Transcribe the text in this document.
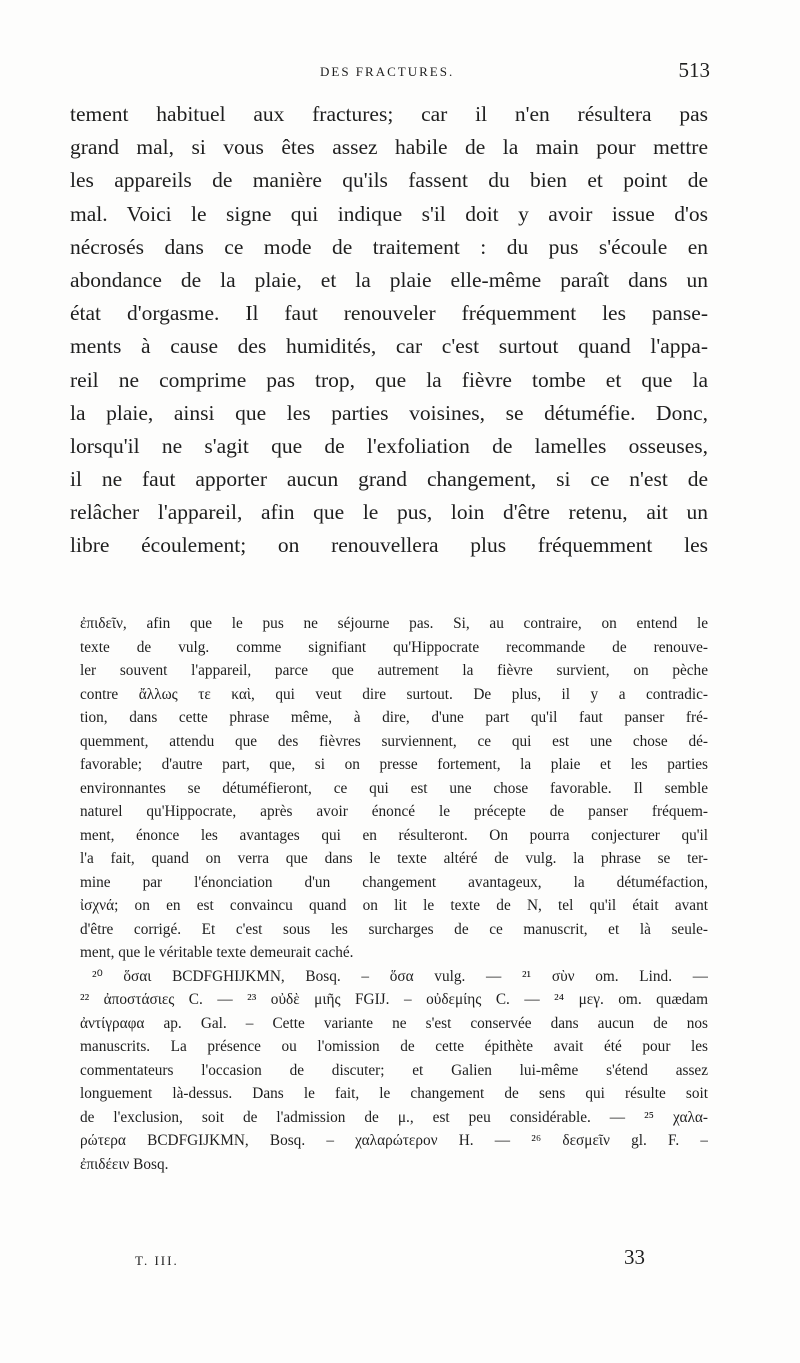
DES FRACTURES.	513
tement habituel aux fractures; car il n'en résultera pas
grand mal, si vous êtes assez habile de la main pour mettre
les appareils de manière qu'ils fassent du bien et point de
mal. Voici le signe qui indique s'il doit y avoir issue d'os
nécrosés dans ce mode de traitement : du pus s'écoule en
abondance de la plaie, et la plaie elle-même paraît dans un
état d'orgasme. Il faut renouveler fréquemment les panse-
ments à cause des humidités, car c'est surtout quand l'appa-
reil ne comprime pas trop, que la fièvre tombe et que la
la plaie, ainsi que les parties voisines, se détuméfie. Donc,
lorsqu'il ne s'agit que de l'exfoliation de lamelles osseuses,
il ne faut apporter aucun grand changement, si ce n'est de
relâcher l'appareil, afin que le pus, loin d'être retenu, ait un
libre écoulement; on renouvellera plus fréquemment les
ἐπιδεῖν, afin que le pus ne séjourne pas. Si, au contraire, on entend le
texte de vulg. comme signifiant qu'Hippocrate recommande de renouve-
ler souvent l'appareil, parce que autrement la fièvre survient, on pèche
contre ἄλλως τε καὶ, qui veut dire surtout. De plus, il y a contradic-
tion, dans cette phrase même, à dire, d'une part qu'il faut panser fré-
quemment, attendu que des fièvres surviennent, ce qui est une chose dé-
favorable; d'autre part, que, si on presse fortement, la plaie et les parties
environnantes se détuméfieront, ce qui est une chose favorable. Il semble
naturel qu'Hippocrate, après avoir énoncé le précepte de panser fréquem-
ment, énonce les avantages qui en résulteront. On pourra conjecturer qu'il
l'a fait, quand on verra que dans le texte altéré de vulg. la phrase se ter-
mine par l'énonciation d'un changement avantageux, la détuméfaction,
ἰσχνά; on en est convaincu quand on lit le texte de N, tel qu'il était avant
d'être corrigé. Et c'est sous les surcharges de ce manuscrit, et là seule-
ment, que le véritable texte demeurait caché.
²⁰ ὅσαι BCDFGHIJKMN, Bosq. – ὅσα vulg. — ²¹ σὺν om. Lind. —
²² ἀποστάσιες C. — ²³ οὐδὲ μιῆς FGIJ. – οὐδεμίης C. — ²⁴ μεγ. om. quædam
ἀντίγραφα ap. Gal. – Cette variante ne s'est conservée dans aucun de nos
manuscrits. La présence ou l'omission de cette épithète avait été pour les
commentateurs l'occasion de discuter; et Galien lui-même s'étend assez
longuement là-dessus. Dans le fait, le changement de sens qui résulte soit
de l'exclusion, soit de l'admission de μ., est peu considérable. — ²⁵ χαλα-
ρώτερα BCDFGIJKMN, Bosq. – χαλαρώτερον H. — ²⁶ δεσμεῖν gl. F. –
ἐπιδέειν Bosq.
T. III.	33
